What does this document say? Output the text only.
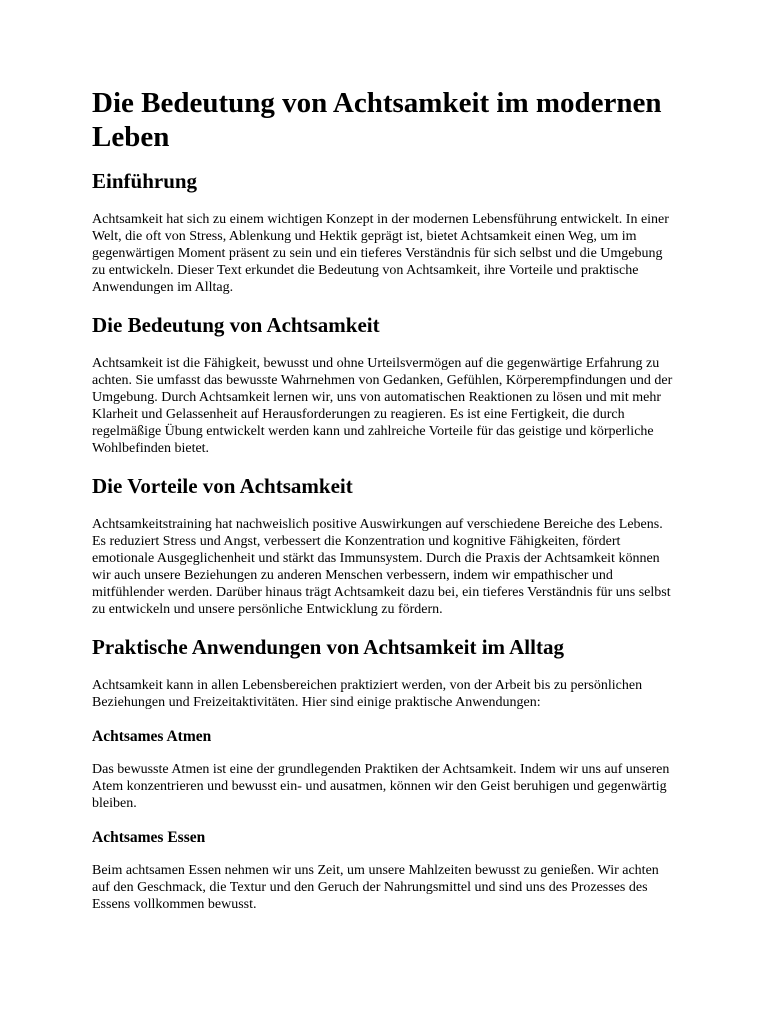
Die Bedeutung von Achtsamkeit im modernen Leben
Einführung

Achtsamkeit hat sich zu einem wichtigen Konzept in der modernen Lebensführung entwickelt. In einer Welt, die oft von Stress, Ablenkung und Hektik geprägt ist, bietet Achtsamkeit einen Weg, um im gegenwärtigen Moment präsent zu sein und ein tieferes Verständnis für sich selbst und die Umgebung zu entwickeln. Dieser Text erkundet die Bedeutung von Achtsamkeit, ihre Vorteile und praktische Anwendungen im Alltag.

Die Bedeutung von Achtsamkeit

Achtsamkeit ist die Fähigkeit, bewusst und ohne Urteilsvermögen auf die gegenwärtige Erfahrung zu achten. Sie umfasst das bewusste Wahrnehmen von Gedanken, Gefühlen, Körperempfindungen und der Umgebung. Durch Achtsamkeit lernen wir, uns von automatischen Reaktionen zu lösen und mit mehr Klarheit und Gelassenheit auf Herausforderungen zu reagieren. Es ist eine Fertigkeit, die durch regelmäßige Übung entwickelt werden kann und zahlreiche Vorteile für das geistige und körperliche Wohlbefinden bietet.

Die Vorteile von Achtsamkeit

Achtsamkeitstraining hat nachweislich positive Auswirkungen auf verschiedene Bereiche des Lebens. Es reduziert Stress und Angst, verbessert die Konzentration und kognitive Fähigkeiten, fördert emotionale Ausgeglichenheit und stärkt das Immunsystem. Durch die Praxis der Achtsamkeit können wir auch unsere Beziehungen zu anderen Menschen verbessern, indem wir empathischer und mitfühlender werden. Darüber hinaus trägt Achtsamkeit dazu bei, ein tieferes Verständnis für uns selbst zu entwickeln und unsere persönliche Entwicklung zu fördern.

Praktische Anwendungen von Achtsamkeit im Alltag

Achtsamkeit kann in allen Lebensbereichen praktiziert werden, von der Arbeit bis zu persönlichen Beziehungen und Freizeitaktivitäten. Hier sind einige praktische Anwendungen:

Achtsames Atmen

Das bewusste Atmen ist eine der grundlegenden Praktiken der Achtsamkeit. Indem wir uns auf unseren Atem konzentrieren und bewusst ein- und ausatmen, können wir den Geist beruhigen und gegenwärtig bleiben.

Achtsames Essen

Beim achtsamen Essen nehmen wir uns Zeit, um unsere Mahlzeiten bewusst zu genießen. Wir achten auf den Geschmack, die Textur und den Geruch der Nahrungsmittel und sind uns des Prozesses des Essens vollkommen bewusst.
